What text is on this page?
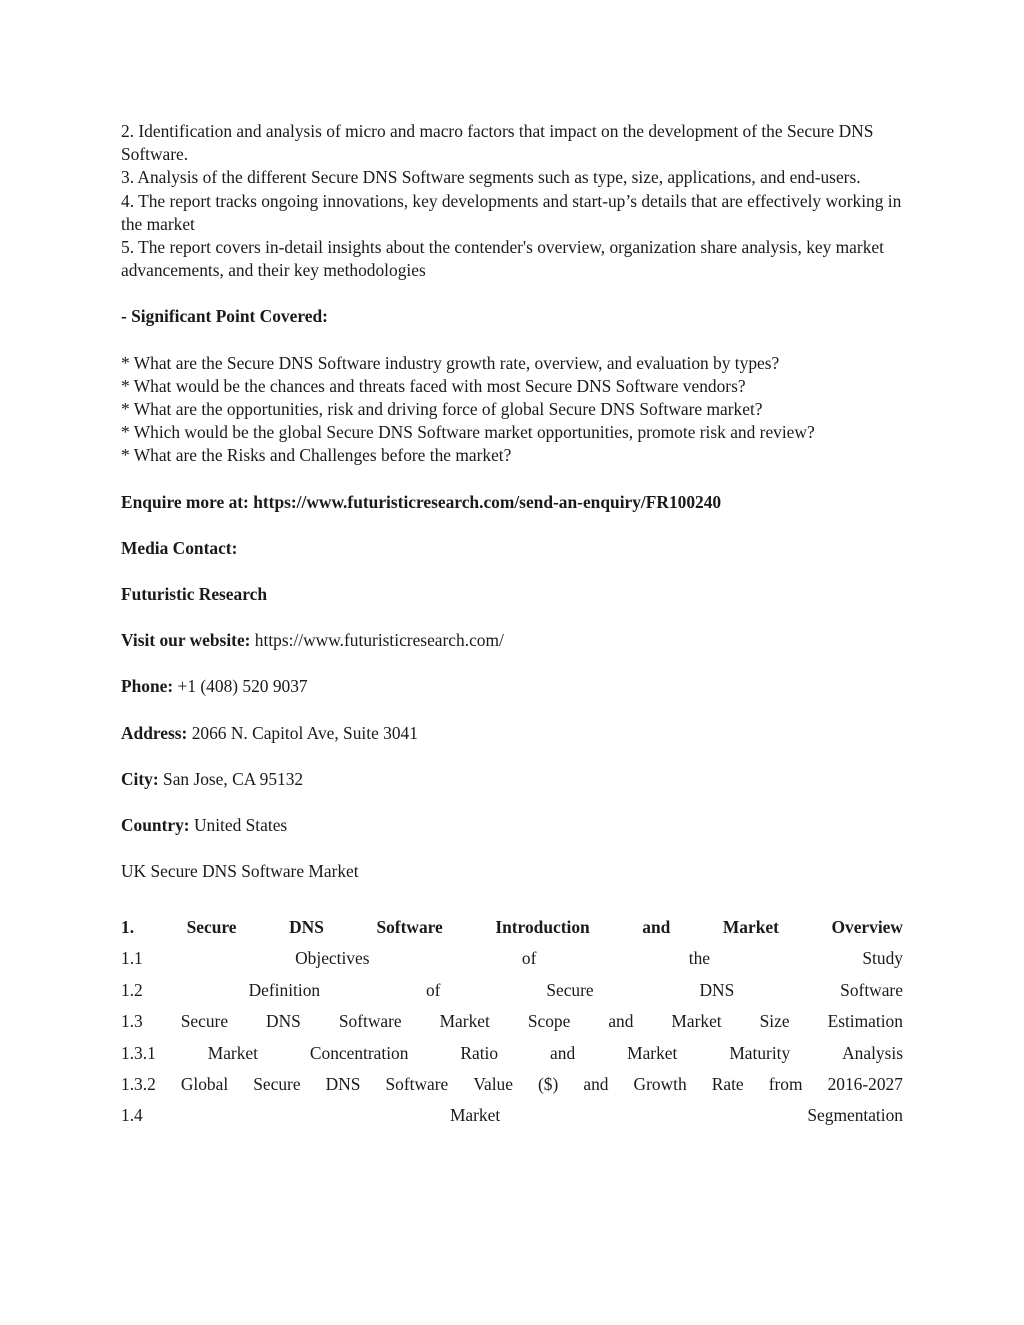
2. Identification and analysis of micro and macro factors that impact on the development of the Secure DNS Software.

3. Analysis of the different Secure DNS Software segments such as type, size, applications, and end-users.

4. The report tracks ongoing innovations, key developments and start-up’s details that are effectively working in the market

5. The report covers in-detail insights about the contender's overview, organization share analysis, key market advancements, and their key methodologies

- Significant Point Covered:

* What are the Secure DNS Software industry growth rate, overview, and evaluation by types?

* What would be the chances and threats faced with most Secure DNS Software vendors?

* What are the opportunities, risk and driving force of global Secure DNS Software market?

* Which would be the global Secure DNS Software market opportunities, promote risk and review?

* What are the Risks and Challenges before the market?

Enquire more at: https://www.futuristicresearch.com/send-an-enquiry/FR100240

Media Contact:

Futuristic Research

Visit our website: https://www.futuristicresearch.com/

Phone: +1 (408) 520 9037

Address: 2066 N. Capitol Ave, Suite 3041

City: San Jose, CA 95132

Country: United States

UK Secure DNS Software Market

1.	Secure	DNS	Software	Introduction	and	Market	Overview
1.1	Objectives	of	the	Study
1.2	Definition	of	Secure	DNS	Software
1.3 Secure DNS Software Market Scope and Market Size Estimation
1.3.1	Market	Concentration	Ratio	and	Market	Maturity	Analysis
1.3.2 Global Secure DNS Software Value ($) and Growth Rate from 2016-2027
1.4	Market	Segmentation
